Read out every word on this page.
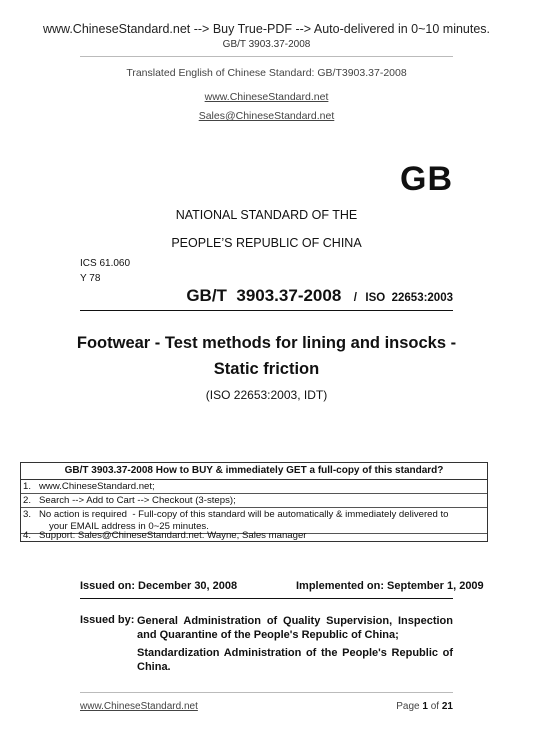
www.ChineseStandard.net --> Buy True-PDF --> Auto-delivered in 0~10 minutes.
GB/T 3903.37-2008
Translated English of Chinese Standard: GB/T3903.37-2008
www.ChineseStandard.net
Sales@ChineseStandard.net
GB
NATIONAL STANDARD OF THE
PEOPLE’S REPUBLIC OF CHINA
ICS 61.060
Y 78
GB/T  3903.37-2008 / ISO  22653:2003
Footwear - Test methods for lining and insocks -
Static friction
(ISO 22653:2003, IDT)
GB/T 3903.37-2008 How to BUY & immediately GET a full-copy of this standard?
1. www.ChineseStandard.net;
2. Search --> Add to Cart --> Checkout (3-steps);
3. No action is required  - Full-copy of this standard will be automatically & immediately delivered to
your EMAIL address in 0~25 minutes.
4. Support: Sales@ChineseStandard.net. Wayne, Sales manager
Issued on: December 30, 2008	Implemented on: September 1, 2009
Issued by: General Administration of Quality Supervision, Inspection and Quarantine of the People's Republic of China;
Standardization Administration of the People's Republic of China.
www.ChineseStandard.net	Page 1 of 21
